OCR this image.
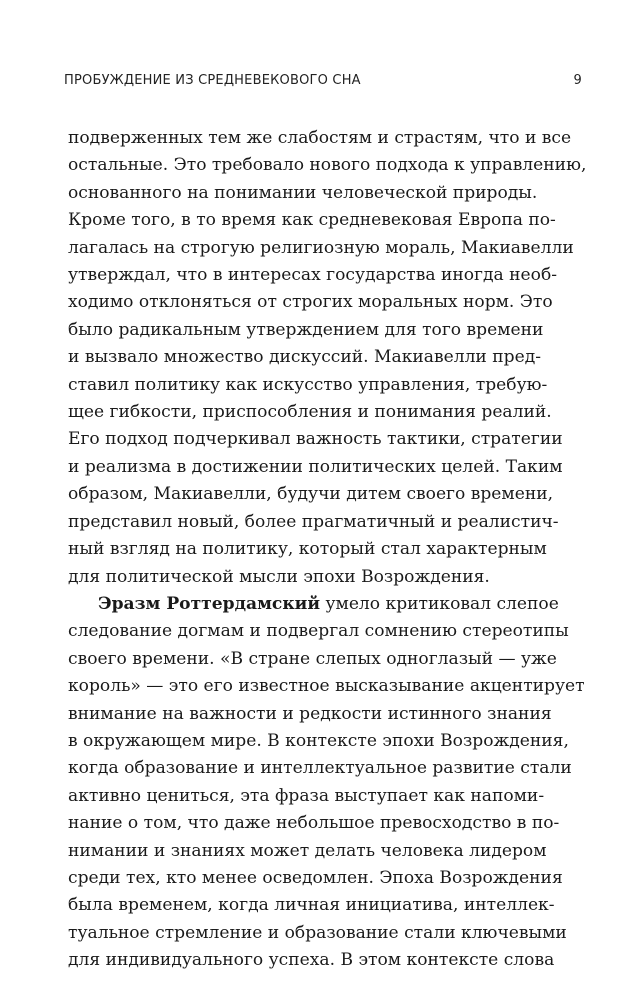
ПРОБУЖДЕНИЕ ИЗ СРЕДНЕВЕКОВОГО СНА	9
подверженных тем же слабостям и страстям, что и все
остальные. Это требовало нового подхода к управлению,
основанного на понимании человеческой природы.
Кроме того, в то время как средневековая Европа по-
лагалась на строгую религиозную мораль, Макиавелли
утверждал, что в интересах государства иногда необ-
ходимо отклоняться от строгих моральных норм. Это
было радикальным утверждением для того времени
и вызвало множество дискуссий. Макиавелли пред-
ставил политику как искусство управления, требую-
щее гибкости, приспособления и понимания реалий.
Его подход подчеркивал важность тактики, стратегии
и реализма в достижении политических целей. Таким
образом, Макиавелли, будучи дитем своего времени,
представил новый, более прагматичный и реалистич-
ный взгляд на политику, который стал характерным
для политической мысли эпохи Возрождения.
Эразм Роттердамский умело критиковал слепое
следование догмам и подвергал сомнению стереотипы
своего времени. «В стране слепых одноглазый — уже
король» — это его известное высказывание акцентирует
внимание на важности и редкости истинного знания
в окружающем мире. В контексте эпохи Возрождения,
когда образование и интеллектуальное развитие стали
активно цениться, эта фраза выступает как напоми-
нание о том, что даже небольшое превосходство в по-
нимании и знаниях может делать человека лидером
среди тех, кто менее осведомлен. Эпоха Возрождения
была временем, когда личная инициатива, интеллек-
туальное стремление и образование стали ключевыми
для индивидуального успеха. В этом контексте слова
